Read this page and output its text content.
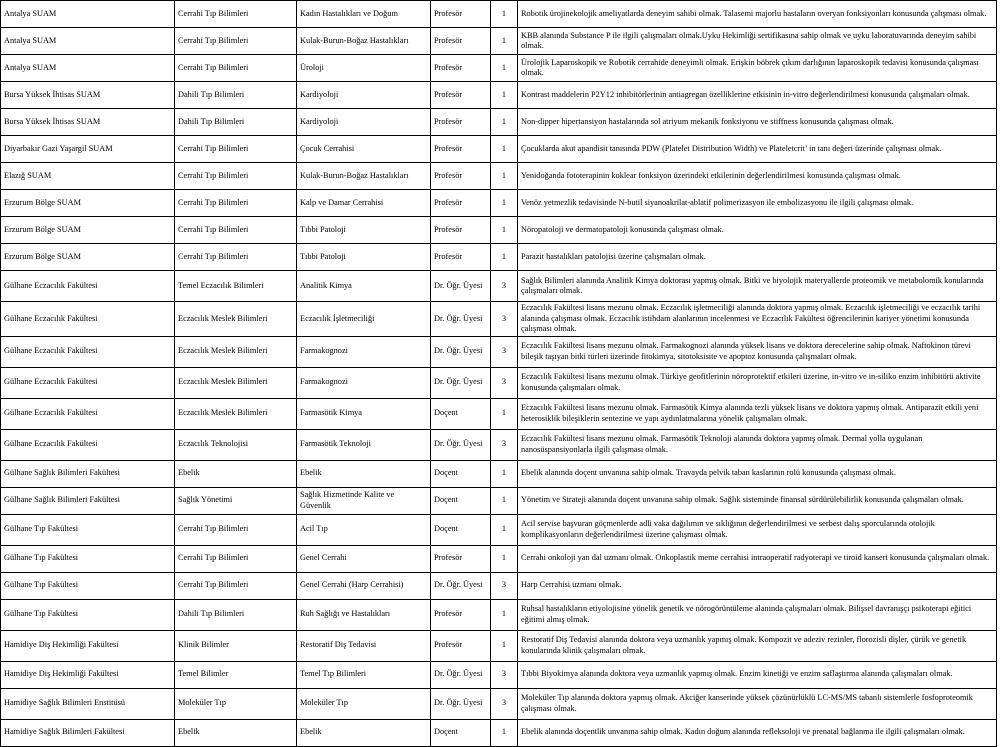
Antalya SUAM	Cerrahi Tıp Bilimleri	Kadın Hastalıkları ve Doğum	Profesör	1	Robotik ürojinekolojik ameliyatlarda deneyim sahibi olmak. Talasemi majorlu hastaların overyan fonksiyonları konusunda çalışması olmak.
Antalya SUAM	Cerrahi Tıp Bilimleri	Kulak-Burun-Boğaz Hastalıkları	Profesör	1	KBB alanında Substance P ile ilgili çalışmaları olmak.Uyku Hekimliği sertifikasına sahip olmak ve uyku laboratuvarında deneyim sahibi olmak.
Antalya SUAM	Cerrahi Tıp Bilimleri	Üroloji	Profesör	1	Ürolojik Laparoskopik ve Robotik cerrahide deneyimli olmak. Erişkin böbrek çıkım darlığının laparoskopik tedavisi konusunda çalışması olmak.
Bursa Yüksek İhtisas SUAM	Dahili Tıp Bilimleri	Kardiyoloji	Profesör	1	Kontrast maddelerin P2Y12 inhibitörlerinin antiagregan özelliklerine etkisinin in-vitro değerlendirilmesi konusunda çalışmaları olmak.
Bursa Yüksek İhtisas SUAM	Dahili Tıp Bilimleri	Kardiyoloji	Profesör	1	Non-dipper hipertansiyon hastalarında sol atriyum mekanik fonksiyonu ve stiffness konusunda çalışması olmak.
Diyarbakır Gazi Yaşargil SUAM	Cerrahi Tıp Bilimleri	Çocuk Cerrahisi	Profesör	1	Çocuklarda akut apandisit tanısında PDW (Platelet Distribution Width) ve Plateletcrit’ in tanı değeri üzerinde çalışması olmak.
Elazığ SUAM	Cerrahi Tıp Bilimleri	Kulak-Burun-Boğaz Hastalıkları	Profesör	1	Yenidoğanda fototerapinin koklear fonksiyon üzerindeki etkilerinin değerlendirilmesi konusunda çalışması olmak.
Erzurum Bölge SUAM	Cerrahi Tıp Bilimleri	Kalp ve Damar Cerrahisi	Profesör	1	Venöz yetmezlik tedavisinde N-butil siyanoakrilat-ablatif polimerizasyon ile embolizasyonu ile ilgili çalışması olmak.
Erzurum Bölge SUAM	Cerrahi Tıp Bilimleri	Tıbbi Patoloji	Profesör	1	Nöropatoloji ve dermatopatoloji konusunda çalışması olmak.
Erzurum Bölge SUAM	Cerrahi Tıp Bilimleri	Tıbbi Patoloji	Profesör	1	Parazit hastalıkları patolojisi üzerine çalışmaları olmak.
Gülhane Eczacılık Fakültesi	Temel Eczacılık Bilimleri	Analitik Kimya	Dr. Öğr. Üyesi	3	Sağlık Bilimleri alanında Analitik Kimya doktorası yapmış olmak. Bitki ve biyolojik materyallerde proteomik ve metabolomik konularında çalışmaları olmak.
Gülhane Eczacılık Fakültesi	Eczacılık Meslek Bilimleri	Eczacılık İşletmeciliği	Dr. Öğr. Üyesi	3	Eczacılık Fakültesi lisans mezunu olmak. Eczacılık işletmeciliği alanında doktora yapmış olmak. Eczacılık işletmeciliği ve eczacılık tarihi alanında çalışması olmak. Eczacılık istihdam alanlarının incelenmesi ve Eczacılık Fakültesi öğrencilerinin kariyer yönetimi konusunda çalışması olmak.
Gülhane Eczacılık Fakültesi	Eczacılık Meslek Bilimleri	Farmakognozi	Dr. Öğr. Üyesi	3	Eczacılık Fakültesi lisans mezunu olmak. Farmakognozi alanında yüksek lisans ve doktora derecelerine sahip olmak. Naftokinon türevi bileşik taşıyan bitki türleri üzerinde fitokimya, sitotoksisite ve apoptoz konusunda çalışmaları olmak.
Gülhane Eczacılık Fakültesi	Eczacılık Meslek Bilimleri	Farmakognozi	Dr. Öğr. Üyesi	3	Eczacılık Fakültesi lisans mezunu olmak. Türkiye geofitlerinin nöroprotektif etkileri üzerine, in-vitro ve in-siliko enzim inhibitörü aktivite konusunda çalışmaları olmak.
Gülhane Eczacılık Fakültesi	Eczacılık Meslek Bilimleri	Farmasötik Kimya	Doçent	1	Eczacılık Fakültesi lisans mezunu olmak. Farmasötik Kimya alanında tezli yüksek lisans ve doktora yapmış olmak. Antiparazit etkili yeni heterosiklik bileşiklerin sentezine ve yapı aydınlatmalarına yönelik çalışmaları olmak.
Gülhane Eczacılık Fakültesi	Eczacılık Teknolojisi	Farmasötik Teknoloji	Dr. Öğr. Üyesi	3	Eczacılık Fakültesi lisans mezunu olmak. Farmasötik Teknoloji alanında doktora yapmış olmak. Dermal yolla uygulanan nanosüspansiyonlarla ilgili çalışması olmak.
Gülhane Sağlık Bilimleri Fakültesi	Ebelik	Ebelik	Doçent	1	Ebelik alanında doçent unvanına sahip olmak. Travayda pelvik taban kaslarının rolü konusunda çalışması olmak.
Gülhane Sağlık Bilimleri Fakültesi	Sağlık Yönetimi	Sağlık Hizmetinde Kalite ve Güvenlik	Doçent	1	Yönetim ve Strateji alanında doçent unvanına sahip olmak. Sağlık sisteminde finansal sürdürülebilirlik konusunda çalışmaları olmak.
Gülhane Tıp Fakültesi	Cerrahi Tıp Bilimleri	Acil Tıp	Doçent	1	Acil servise başvuran göçmenlerde adli vaka dağılımın ve sıklığının değerlendirilmesi ve serbest dalış sporcularında otolojik komplikasyonların değerlendirilmesi üzerine çalışması olmak.
Gülhane Tıp Fakültesi	Cerrahi Tıp Bilimleri	Genel Cerrahi	Profesör	1	Cerrahi onkoloji yan dal uzmanı olmak. Onkoplastik meme cerrahisi intraoperatif radyoterapi ve tiroid kanseri konusunda çalışmaları olmak.
Gülhane Tıp Fakültesi	Cerrahi Tıp Bilimleri	Genel Cerrahi (Harp Cerrahisi)	Dr. Öğr. Üyesi	3	Harp Cerrahisi uzmanı olmak.
Gülhane Tıp Fakültesi	Dahili Tıp Bilimleri	Ruh Sağlığı ve Hastalıkları	Profesör	1	Ruhsal hastalıkların etiyolojisine yönelik genetik ve nörogörüntüleme alanında çalışmaları olmak. Bilişsel davranışçı psikoterapi eğitici eğitimi almış olmak.
Hamidiye Diş Hekimliği Fakültesi	Klinik Bilimler	Restoratif Diş Tedavisi	Profesör	1	Restoratif Diş Tedavisi alanında doktora veya uzmanlık yapmış olmak. Kompozit ve adeziv rezinler, florozisli dişler, çürük ve genetik konularında klinik çalışmaları olmak.
Hamidiye Diş Hekimliği Fakültesi	Temel Bilimler	Temel Tıp Bilimleri	Dr. Öğr. Üyesi	3	Tıbbi Biyokimya alanında doktora veya uzmanlık yapmış olmak. Enzim kinetiği ve enzim saflaştırma alanında çalışmaları olmak.
Hamidiye Sağlık Bilimleri Enstitüsü	Moleküler Tıp	Moleküler Tıp	Dr. Öğr. Üyesi	3	Moleküler Tıp alanında doktora yapmış olmak. Akciğer kanserinde yüksek çözünürlüklü LC-MS/MS tabanlı sistemlerle fosfoproteomik çalışması olmak.
Hamidiye Sağlık Bilimleri Fakültesi	Ebelik	Ebelik	Doçent	1	Ebelik alanında doçentlik unvanına sahip olmak. Kadın doğum alanında refleksoloji ve prenatal bağlanma ile ilgili çalışmaları olmak.
